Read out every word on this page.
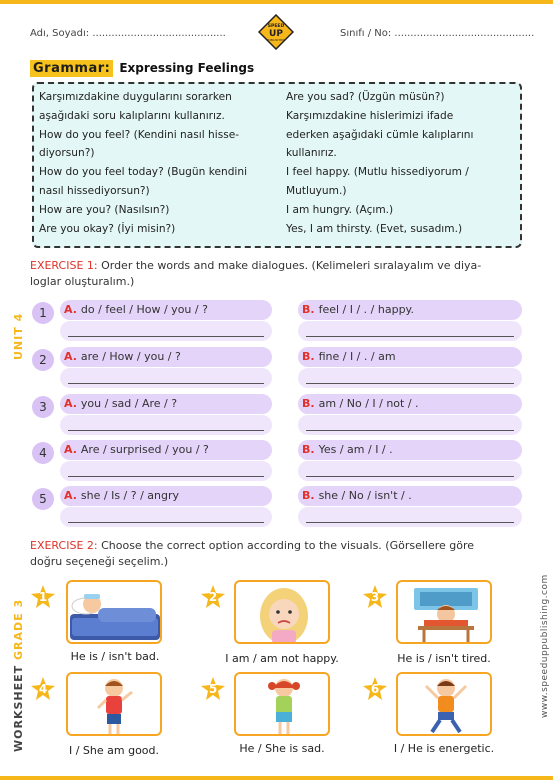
Adı, Soyadı: ..........................................	Sınıfı / No: ............................................
SPEED
UP
PUBLISHING
Grammar: Expressing Feelings
Karşımızdakine duygularını sorarken
aşağıdaki soru kalıplarını kullanırız.
How do you feel? (Kendini nasıl hisse-
diyorsun?)
How do you feel today? (Bugün kendini
nasıl hissediyorsun?)
How are you? (Nasılsın?)
Are you okay? (İyi misin?)
Are you sad? (Üzgün müsün?)
Karşımızdakine hislerimizi ifade
ederken aşağıdaki cümle kalıplarını
kullanırız.
I feel happy. (Mutlu hissediyorum /
Mutluyum.)
I am hungry. (Açım.)
Yes, I am thirsty. (Evet, susadım.)
EXERCISE 1: Order the words and make dialogues. (Kelimeleri sıralayalım ve diya-
loglar oluşturalım.)
1	A. do / feel / How / you / ?	B. feel / I / . / happy.
2	A. are / How / you / ?	B. fine / I / . / am
3	A. you / sad / Are / ?	B. am / No / I / not / .
4	A. Are / surprised / you / ?	B. Yes / am / I / .
5	A. she / Is / ? / angry	B. she / No / isn't / .
UNIT 4
WORKSHEET GRADE 3	www.speeduppublishing.com
EXERCISE 2: Choose the correct option according to the visuals. (Görsellere göre
doğru seçeneği seçelim.)
1
He is / isn't bad.
2
I am / am not happy.
3
He is / isn't tired.
4
I / She am good.
5
He / She is sad.
6
I / He is energetic.
